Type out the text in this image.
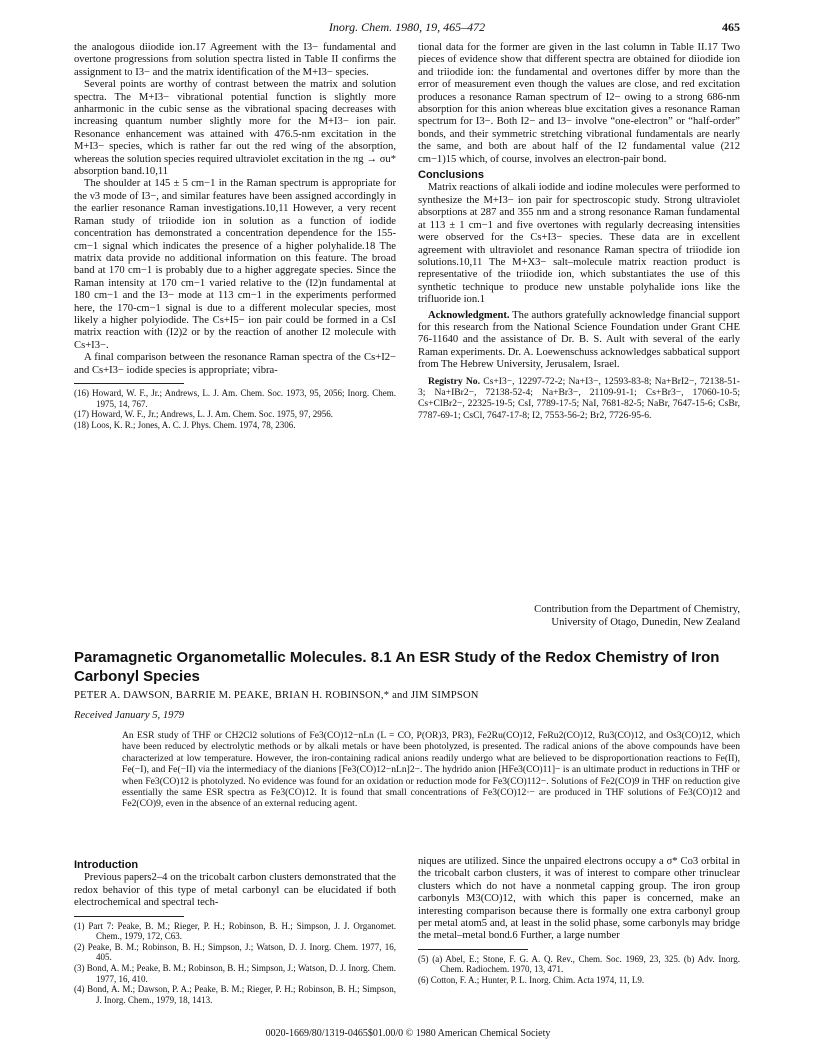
Inorg. Chem. 1980, 19, 465–472	465

the analogous diiodide ion.17 Agreement with the I3− fundamental and overtone progressions from solution spectra listed in Table II confirms the assignment to I3− and the matrix identification of the M+I3− species.

Several points are worthy of contrast between the matrix and solution spectra. The M+I3− vibrational potential function is slightly more anharmonic in the cubic sense as the vibrational spacing decreases with increasing quantum number slightly more for the M+I3− ion pair. Resonance enhancement was attained with 476.5-nm excitation in the M+I3− species, which is rather far out the red wing of the absorption, whereas the solution species required ultraviolet excitation in the πg → σu* absorption band.10,11

The shoulder at 145 ± 5 cm−1 in the Raman spectrum is appropriate for the ν3 mode of I3−, and similar features have been assigned accordingly in the earlier resonance Raman investigations.10,11 However, a very recent Raman study of triiodide ion in solution as a function of iodide concentration has demonstrated a concentration dependence for the 155-cm−1 signal which indicates the presence of a higher polyhalide.18 The matrix data provide no additional information on this feature. The broad band at 170 cm−1 is probably due to a higher aggregate species. Since the Raman intensity at 170 cm−1 varied relative to the (I2)n fundamental at 180 cm−1 and the I3− mode at 113 cm−1 in the experiments performed here, the 170-cm−1 signal is due to a different molecular species, most likely a higher polyiodide. The Cs+I5− ion pair could be formed in a CsI matrix reaction with (I2)2 or by the reaction of another I2 molecule with Cs+I3−.

A final comparison between the resonance Raman spectra of the Cs+I2− and Cs+I3− iodide species is appropriate; vibra-

(16) Howard, W. F., Jr.; Andrews, L. J. Am. Chem. Soc. 1973, 95, 2056; Inorg. Chem. 1975, 14, 767.
(17) Howard, W. F., Jr.; Andrews, L. J. Am. Chem. Soc. 1975, 97, 2956.
(18) Loos, K. R.; Jones, A. C. J. Phys. Chem. 1974, 78, 2306.

tional data for the former are given in the last column in Table II.17 Two pieces of evidence show that different spectra are obtained for diiodide ion and triiodide ion: the fundamental and overtones differ by more than the error of measurement even though the values are close, and red excitation produces a resonance Raman spectrum of I2− owing to a strong 686-nm absorption for this anion whereas blue excitation gives a resonance Raman spectrum for I3−. Both I2− and I3− involve “one-electron” or “half-order” bonds, and their symmetric stretching vibrational fundamentals are nearly the same, and both are about half of the I2 fundamental value (212 cm−1)15 which, of course, involves an electron-pair bond.

Conclusions

Matrix reactions of alkali iodide and iodine molecules were performed to synthesize the M+I3− ion pair for spectroscopic study. Strong ultraviolet absorptions at 287 and 355 nm and a strong resonance Raman fundamental at 113 ± 1 cm−1 and five overtones with regularly decreasing intensities were observed for the Cs+I3− species. These data are in excellent agreement with ultraviolet and resonance Raman spectra of triiodide ion solutions.10,11 The M+X3− salt–molecule matrix reaction product is representative of the triiodide ion, which substantiates the use of this synthetic technique to produce new unstable polyhalide ions like the trifluoride ion.1

Acknowledgment. The authors gratefully acknowledge financial support for this research from the National Science Foundation under Grant CHE 76-11640 and the assistance of Dr. B. S. Ault with several of the early Raman experiments. Dr. A. Loewenschuss acknowledges sabbatical support from The Hebrew University, Jerusalem, Israel.

Registry No. Cs+I3−, 12297-72-2; Na+I3−, 12593-83-8; Na+BrI2−, 72138-51-3; Na+IBr2−, 72138-52-4; Na+Br3−, 21109-91-1; Cs+Br3−, 17060-10-5; Cs+ClBr2−, 22325-19-5; CsI, 7789-17-5; NaI, 7681-82-5; NaBr, 7647-15-6; CsBr, 7787-69-1; CsCl, 7647-17-8; I2, 7553-56-2; Br2, 7726-95-6.
Contribution from the Department of Chemistry,
University of Otago, Dunedin, New Zealand
Paramagnetic Organometallic Molecules. 8.1 An ESR Study of the Redox Chemistry of Iron Carbonyl Species
PETER A. DAWSON, BARRIE M. PEAKE, BRIAN H. ROBINSON,* and JIM SIMPSON
Received January 5, 1979
An ESR study of THF or CH2Cl2 solutions of Fe3(CO)12−nLn (L = CO, P(OR)3, PR3), Fe2Ru(CO)12, FeRu2(CO)12, Ru3(CO)12, and Os3(CO)12, which have been reduced by electrolytic methods or by alkali metals or have been photolyzed, is presented. The radical anions of the above compounds have been characterized at low temperature. However, the iron-containing radical anions readily undergo what are believed to be disproportionation reactions to Fe(II), Fe(−I), and Fe(−II) via the intermediacy of the dianions [Fe3(CO)12−nLn]2−. The hydrido anion [HFe3(CO)11]− is an ultimate product in reductions in THF or when Fe3(CO)12 is photolyzed. No evidence was found for an oxidation or reduction mode for Fe3(CO)112−. Solutions of Fe2(CO)9 in THF on reduction give essentially the same ESR spectra as Fe3(CO)12. It is found that small concentrations of Fe3(CO)12·− are produced in THF solutions of Fe3(CO)12 and Fe2(CO)9, even in the absence of an external reducing agent.
Introduction

Previous papers2–4 on the tricobalt carbon clusters demonstrated that the redox behavior of this type of metal carbonyl can be elucidated if both electrochemical and spectral tech-

(1) Part 7: Peake, B. M.; Rieger, P. H.; Robinson, B. H.; Simpson, J. J. Organomet. Chem., 1979, 172, C63.
(2) Peake, B. M.; Robinson, B. H.; Simpson, J.; Watson, D. J. Inorg. Chem. 1977, 16, 405.
(3) Bond, A. M.; Peake, B. M.; Robinson, B. H.; Simpson, J.; Watson, D. J. Inorg. Chem. 1977, 16, 410.
(4) Bond, A. M.; Dawson, P. A.; Peake, B. M.; Rieger, P. H.; Robinson, B. H.; Simpson, J. Inorg. Chem., 1979, 18, 1413.

niques are utilized. Since the unpaired electrons occupy a σ* Co3 orbital in the tricobalt carbon clusters, it was of interest to compare other trinuclear clusters which do not have a nonmetal capping group. The iron group carbonyls M3(CO)12, with which this paper is concerned, make an interesting comparison because there is formally one extra carbonyl group per metal atom5 and, at least in the solid phase, some carbonyls may bridge the metal–metal bond.6 Further, a large number

(5) (a) Abel, E.; Stone, F. G. A. Q. Rev., Chem. Soc. 1969, 23, 325. (b) Adv. Inorg. Chem. Radiochem. 1970, 13, 471.
(6) Cotton, F. A.; Hunter, P. L. Inorg. Chim. Acta 1974, 11, L9.
0020-1669/80/1319-0465$01.00/0 © 1980 American Chemical Society
